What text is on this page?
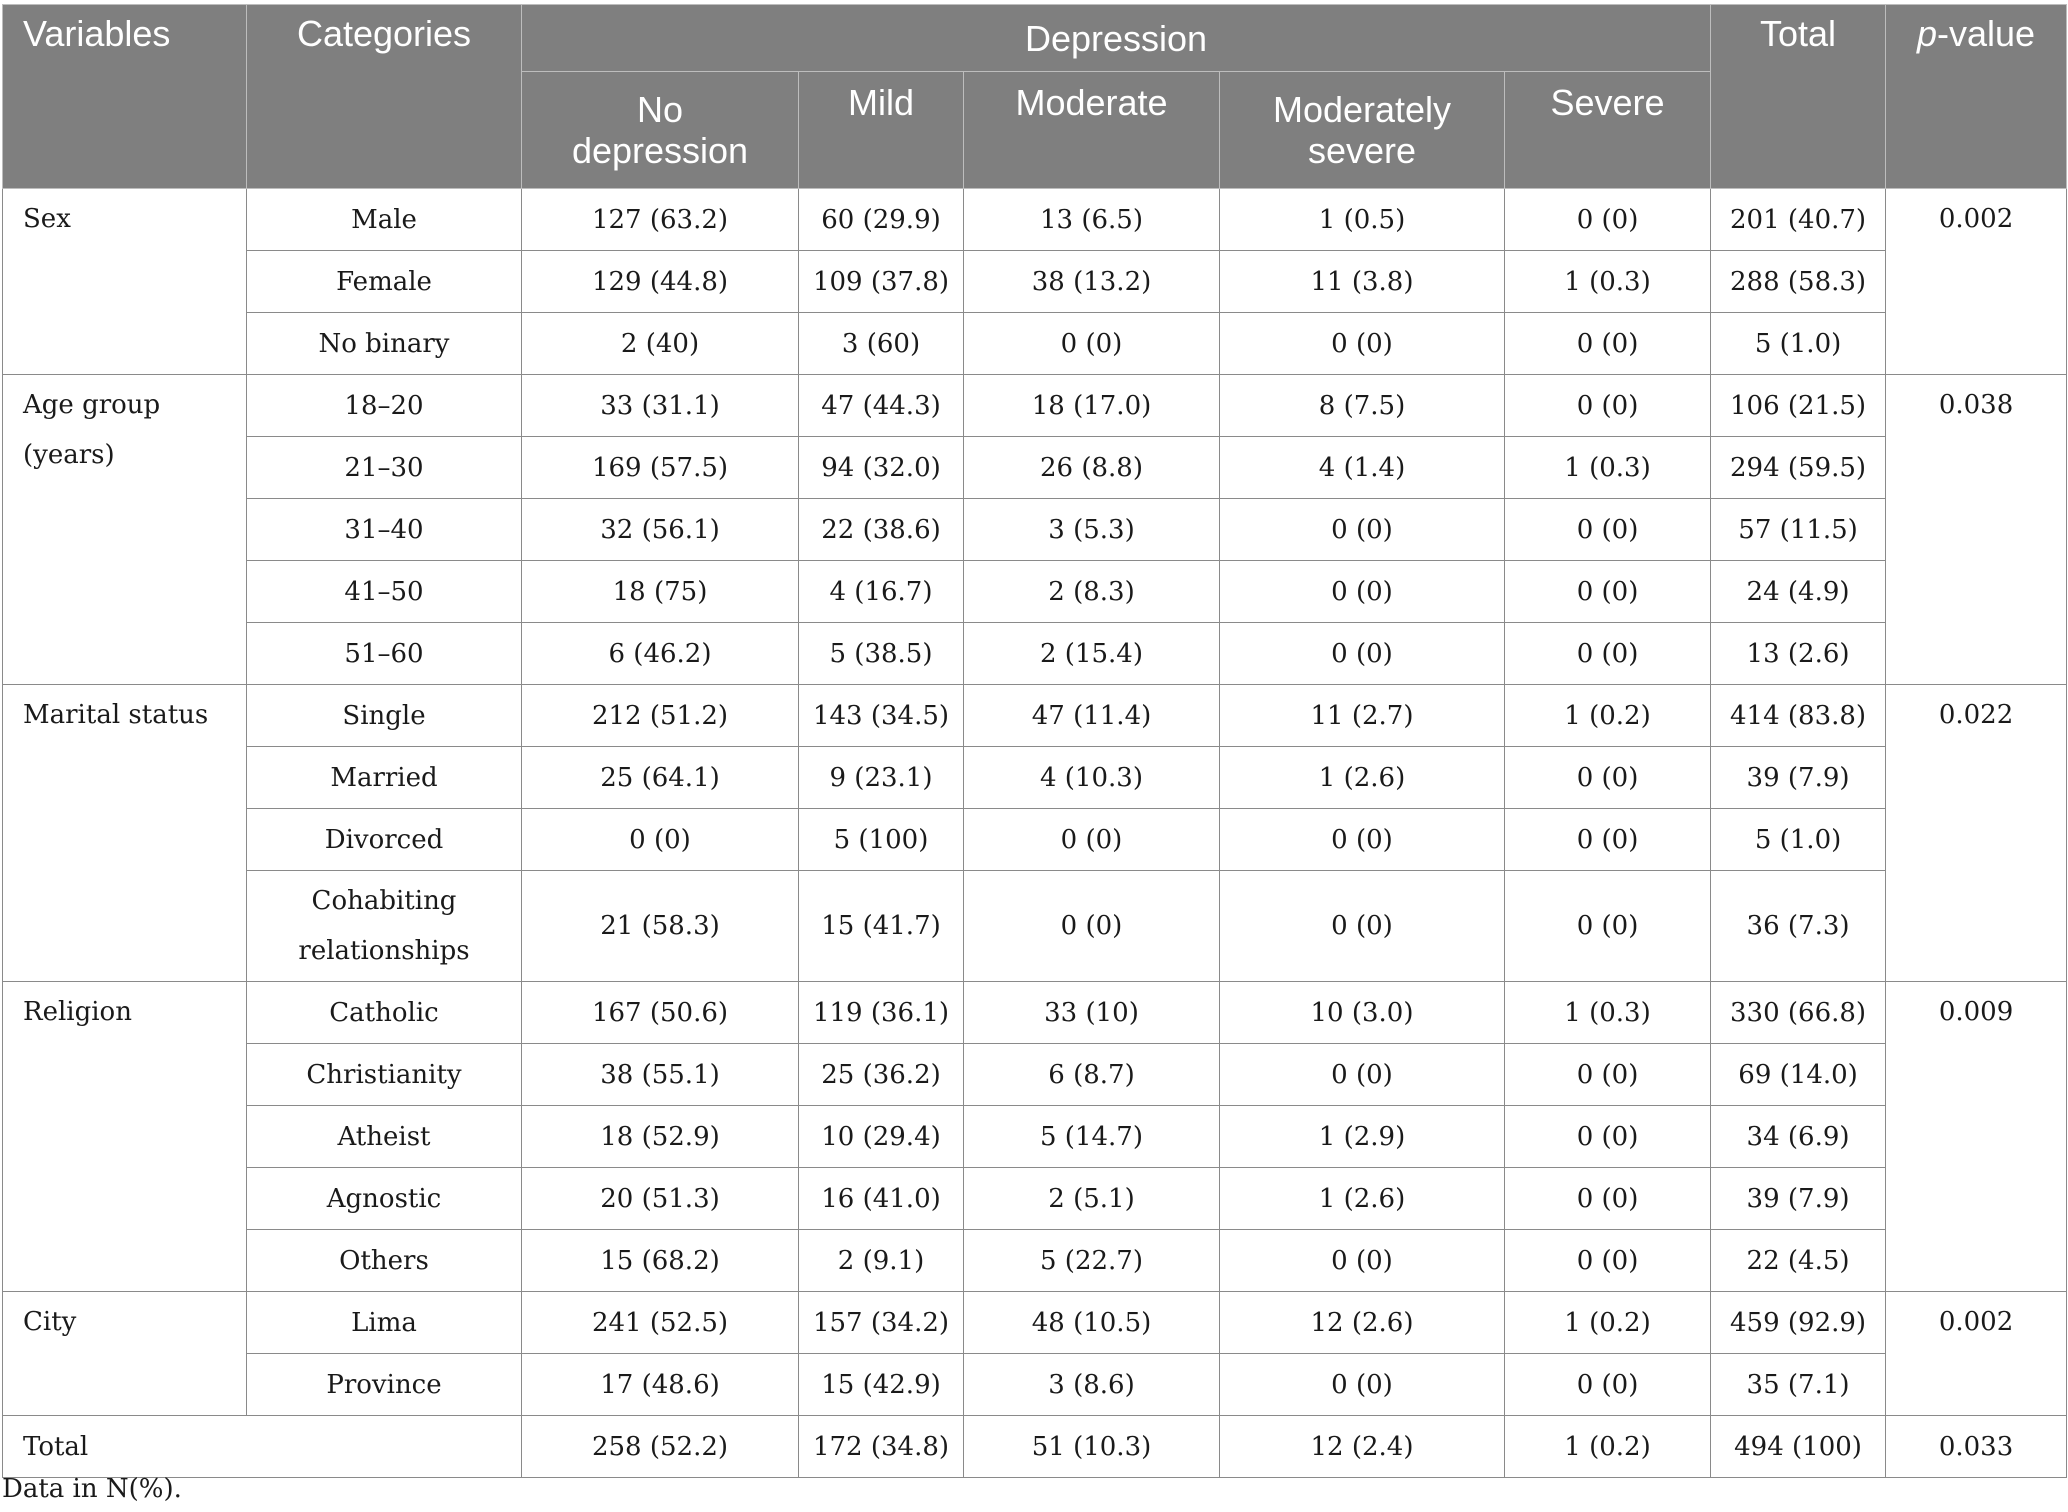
Variables	Categories	Depression					Total	p-value
		No depression	Mild	Moderate	Moderately severe	Severe		
Sex	Male	127 (63.2)	60 (29.9)	13 (6.5)	1 (0.5)	0 (0)	201 (40.7)	0.002
	Female	129 (44.8)	109 (37.8)	38 (13.2)	11 (3.8)	1 (0.3)	288 (58.3)	
	No binary	2 (40)	3 (60)	0 (0)	0 (0)	0 (0)	5 (1.0)	
Age group (years)	18–20	33 (31.1)	47 (44.3)	18 (17.0)	8 (7.5)	0 (0)	106 (21.5)	0.038
	21–30	169 (57.5)	94 (32.0)	26 (8.8)	4 (1.4)	1 (0.3)	294 (59.5)	
	31–40	32 (56.1)	22 (38.6)	3 (5.3)	0 (0)	0 (0)	57 (11.5)	
	41–50	18 (75)	4 (16.7)	2 (8.3)	0 (0)	0 (0)	24 (4.9)	
	51–60	6 (46.2)	5 (38.5)	2 (15.4)	0 (0)	0 (0)	13 (2.6)	
Marital status	Single	212 (51.2)	143 (34.5)	47 (11.4)	11 (2.7)	1 (0.2)	414 (83.8)	0.022
	Married	25 (64.1)	9 (23.1)	4 (10.3)	1 (2.6)	0 (0)	39 (7.9)	
	Divorced	0 (0)	5 (100)	0 (0)	0 (0)	0 (0)	5 (1.0)	
	Cohabiting relationships	21 (58.3)	15 (41.7)	0 (0)	0 (0)	0 (0)	36 (7.3)	
Religion	Catholic	167 (50.6)	119 (36.1)	33 (10)	10 (3.0)	1 (0.3)	330 (66.8)	0.009
	Christianity	38 (55.1)	25 (36.2)	6 (8.7)	0 (0)	0 (0)	69 (14.0)	
	Atheist	18 (52.9)	10 (29.4)	5 (14.7)	1 (2.9)	0 (0)	34 (6.9)	
	Agnostic	20 (51.3)	16 (41.0)	2 (5.1)	1 (2.6)	0 (0)	39 (7.9)	
	Others	15 (68.2)	2 (9.1)	5 (22.7)	0 (0)	0 (0)	22 (4.5)	
City	Lima	241 (52.5)	157 (34.2)	48 (10.5)	12 (2.6)	1 (0.2)	459 (92.9)	0.002
	Province	17 (48.6)	15 (42.9)	3 (8.6)	0 (0)	0 (0)	35 (7.1)	
Total		258 (52.2)	172 (34.8)	51 (10.3)	12 (2.4)	1 (0.2)	494 (100)	0.033
Data in N(%).
